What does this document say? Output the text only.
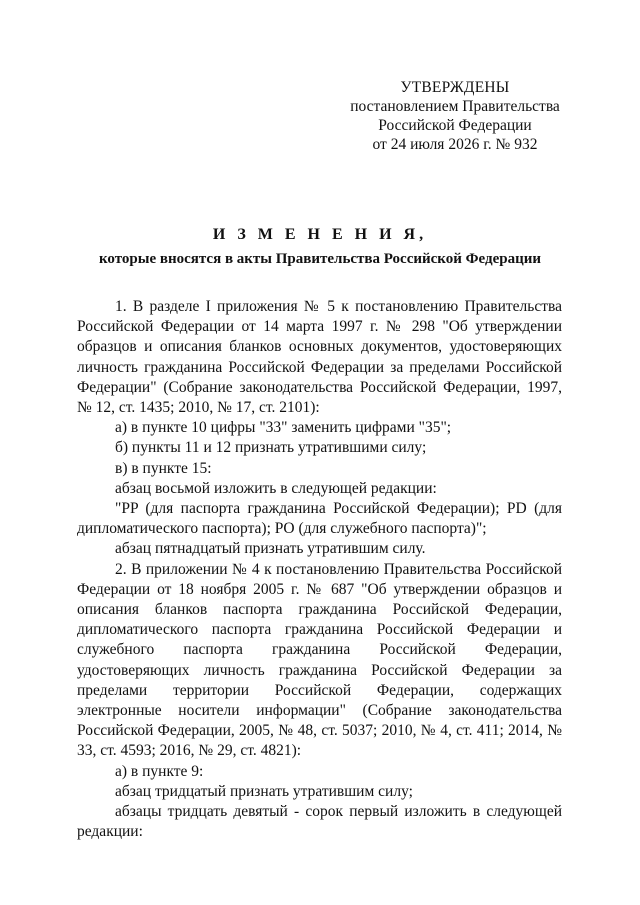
УТВЕРЖДЕНЫ
постановлением Правительства
Российской Федерации
от 24 июля 2026 г. № 932
И З М Е Н Е Н И Я,
которые вносятся в акты Правительства Российской Федерации

1. В разделе I приложения № 5 к постановлению Правительства Российской Федерации от 14 марта 1997 г. № 298 "Об утверждении образцов и описания бланков основных документов, удостоверяющих личность гражданина Российской Федерации за пределами Российской Федерации" (Собрание законодательства Российской Федерации, 1997, № 12, ст. 1435; 2010, № 17, ст. 2101):

а) в пункте 10 цифры "33" заменить цифрами "35";

б) пункты 11 и 12 признать утратившими силу;

в) в пункте 15:

абзац восьмой изложить в следующей редакции:

"PP (для паспорта гражданина Российской Федерации); PD (для дипломатического паспорта); PO (для служебного паспорта)";

абзац пятнадцатый признать утратившим силу.

2. В приложении № 4 к постановлению Правительства Российской Федерации от 18 ноября 2005 г. № 687 "Об утверждении образцов и описания бланков паспорта гражданина Российской Федерации, дипломатического паспорта гражданина Российской Федерации и служебного паспорта гражданина Российской Федерации, удостоверяющих личность гражданина Российской Федерации за пределами территории Российской Федерации, содержащих электронные носители информации" (Собрание законодательства Российской Федерации, 2005, № 48, ст. 5037; 2010, № 4, ст. 411; 2014, № 33, ст. 4593; 2016, № 29, ст. 4821):

а) в пункте 9:

абзац тридцатый признать утратившим силу;

абзацы тридцать девятый - сорок первый изложить в следующей редакции:
